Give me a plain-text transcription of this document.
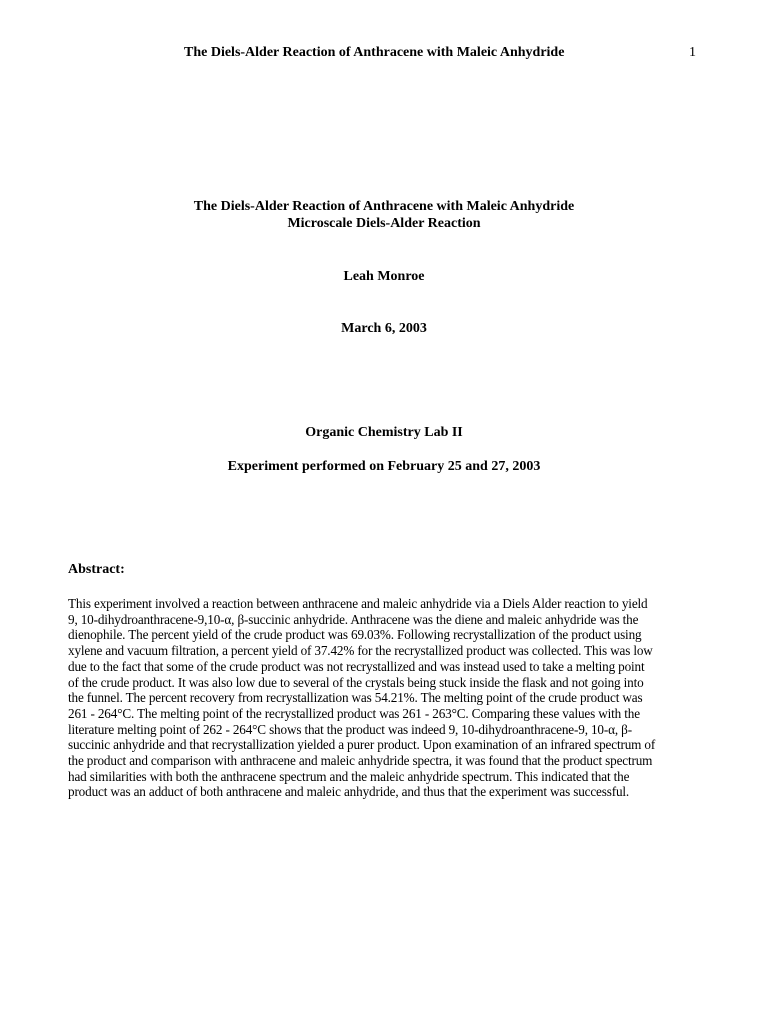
The Diels-Alder Reaction of Anthracene with Maleic Anhydride	1
The Diels-Alder Reaction of Anthracene with Maleic Anhydride
Microscale Diels-Alder Reaction
Leah Monroe
March 6, 2003
Organic Chemistry Lab II
Experiment performed on February 25 and 27, 2003
Abstract:
This experiment involved a reaction between anthracene and maleic anhydride via a Diels Alder reaction to yield
9, 10-dihydroanthracene-9,10-α, β-succinic anhydride. Anthracene was the diene and maleic anhydride was the
dienophile. The percent yield of the crude product was 69.03%. Following recrystallization of the product using
xylene and vacuum filtration, a percent yield of 37.42% for the recrystallized product was collected. This was low
due to the fact that some of the crude product was not recrystallized and was instead used to take a melting point
of the crude product. It was also low due to several of the crystals being stuck inside the flask and not going into
the funnel. The percent recovery from recrystallization was 54.21%. The melting point of the crude product was
261 - 264°C. The melting point of the recrystallized product was 261 - 263°C. Comparing these values with the
literature melting point of 262 - 264°C shows that the product was indeed 9, 10-dihydroanthracene-9, 10-α, β-
succinic anhydride and that recrystallization yielded a purer product. Upon examination of an infrared spectrum of
the product and comparison with anthracene and maleic anhydride spectra, it was found that the product spectrum
had similarities with both the anthracene spectrum and the maleic anhydride spectrum. This indicated that the
product was an adduct of both anthracene and maleic anhydride, and thus that the experiment was successful.
